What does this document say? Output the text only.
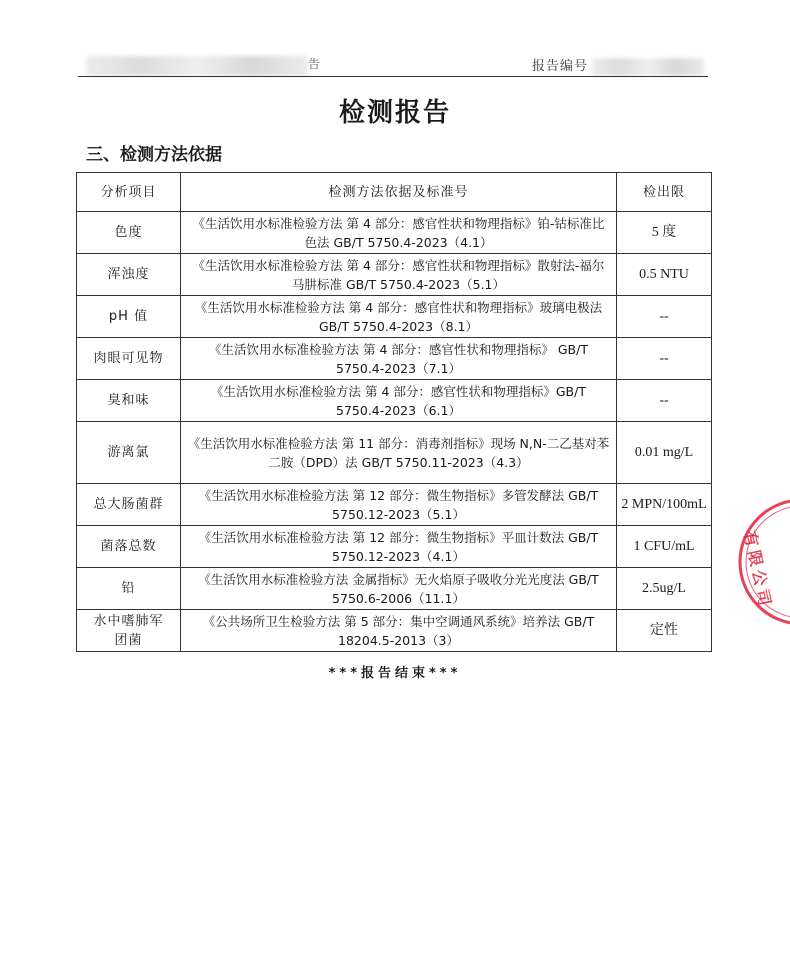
告	报告编号
检测报告
三、检测方法依据
分析项目	检测方法依据及标准号	检出限
色度	《生活饮用水标准检验方法 第 4 部分：感官性状和物理指标》铂-钴标准比色法 GB/T 5750.4-2023（4.1）	5 度
浑浊度	《生活饮用水标准检验方法 第 4 部分：感官性状和物理指标》散射法-福尔马肼标准 GB/T 5750.4-2023（5.1）	0.5 NTU
pH 值	《生活饮用水标准检验方法 第 4 部分：感官性状和物理指标》玻璃电极法 GB/T 5750.4-2023（8.1）	--
肉眼可见物	《生活饮用水标准检验方法 第 4 部分：感官性状和物理指标》 GB/T 5750.4-2023（7.1）	--
臭和味	《生活饮用水标准检验方法 第 4 部分：感官性状和物理指标》GB/T 5750.4-2023（6.1）	--
游离氯	《生活饮用水标准检验方法 第 11 部分：消毒剂指标》现场 N,N-二乙基对苯二胺（DPD）法 GB/T 5750.11-2023（4.3）	0.01 mg/L
总大肠菌群	《生活饮用水标准检验方法 第 12 部分：微生物指标》多管发酵法 GB/T 5750.12-2023（5.1）	2 MPN/100mL
菌落总数	《生活饮用水标准检验方法 第 12 部分：微生物指标》平皿计数法 GB/T 5750.12-2023（4.1）	1 CFU/mL
铅	《生活饮用水标准检验方法 金属指标》无火焰原子吸收分光光度法 GB/T 5750.6-2006（11.1）	2.5ug/L
水中嗜肺军团菌	《公共场所卫生检验方法 第 5 部分：集中空调通风系统》培养法 GB/T 18204.5-2013（3）	定性
***报告结束***
有限公司
